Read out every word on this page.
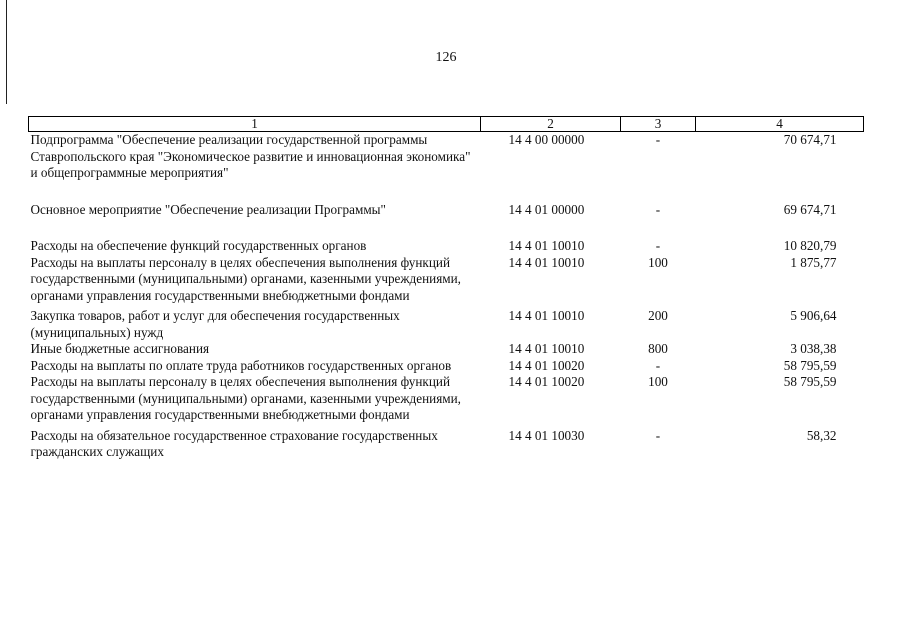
126
1	2	3	4
Подпрограмма "Обеспечение реализации государственной программы Ставропольского края "Экономическое развитие и инновационная экономика" и общепрограммные мероприятия"	14 4 00 00000	-	70 674,71
Основное мероприятие "Обеспечение реализации Программы"	14 4 01 00000	-	69 674,71
Расходы на обеспечение функций государственных органов	14 4 01 10010	-	10 820,79
Расходы на выплаты персоналу в целях обеспечения выполнения функций государственными (муниципальными) органами, казенными учреждениями, органами управления государственными внебюджетными фондами	14 4 01 10010	100	1 875,77
Закупка товаров, работ и услуг для обеспечения государственных (муниципальных) нужд	14 4 01 10010	200	5 906,64
Иные бюджетные ассигнования	14 4 01 10010	800	3 038,38
Расходы на выплаты по оплате труда работников государственных органов	14 4 01 10020	-	58 795,59
Расходы на выплаты персоналу в целях обеспечения выполнения функций государственными (муниципальными) органами, казенными учреждениями, органами управления государственными внебюджетными фондами	14 4 01 10020	100	58 795,59
Расходы на обязательное государственное страхование государственных гражданских служащих	14 4 01 10030	-	58,32
